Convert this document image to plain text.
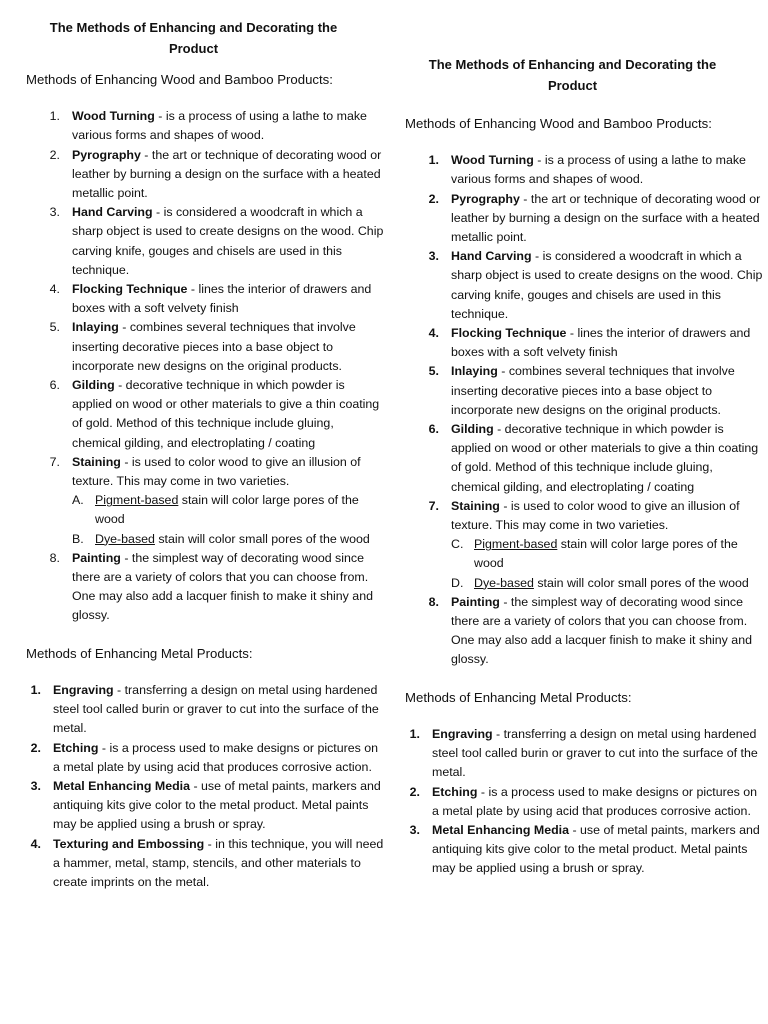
The Methods of Enhancing and Decorating the Product

Methods of Enhancing Wood and Bamboo Products:

1. Wood Turning - is a process of using a lathe to make various forms and shapes of wood.
2. Pyrography - the art or technique of decorating wood or leather by burning a design on the surface with a heated metallic point.
3. Hand Carving - is considered a woodcraft in which a sharp object is used to create designs on the wood. Chip carving knife, gouges and chisels are used in this technique.
4. Flocking Technique - lines the interior of drawers and boxes with a soft velvety finish
5. Inlaying - combines several techniques that involve inserting decorative pieces into a base object to incorporate new designs on the original products.
6. Gilding - decorative technique in which powder is applied on wood or other materials to give a thin coating of gold. Method of this technique include gluing, chemical gilding, and electroplating / coating
7. Staining - is used to color wood to give an illusion of texture. This may come in two varieties.
A. Pigment-based stain will color large pores of the wood
B. Dye-based stain will color small pores of the wood
8. Painting - the simplest way of decorating wood since there are a variety of colors that you can choose from. One may also add a lacquer finish to make it shiny and glossy.

Methods of Enhancing Metal Products:

1. Engraving - transferring a design on metal using hardened steel tool called burin or graver to cut into the surface of the metal.
2. Etching - is a process used to make designs or pictures on a metal plate by using acid that produces corrosive action.
3. Metal Enhancing Media - use of metal paints, markers and antiquing kits give color to the metal product. Metal paints may be applied using a brush or spray.
4. Texturing and Embossing - in this technique, you will need a hammer, metal, stamp, stencils, and other materials to create imprints on the metal.

The Methods of Enhancing and Decorating the Product

Methods of Enhancing Wood and Bamboo Products:

1. Wood Turning - is a process of using a lathe to make various forms and shapes of wood.
2. Pyrography - the art or technique of decorating wood or leather by burning a design on the surface with a heated metallic point.
3. Hand Carving - is considered a woodcraft in which a sharp object is used to create designs on the wood. Chip carving knife, gouges and chisels are used in this technique.
4. Flocking Technique - lines the interior of drawers and boxes with a soft velvety finish
5. Inlaying - combines several techniques that involve inserting decorative pieces into a base object to incorporate new designs on the original products.
6. Gilding - decorative technique in which powder is applied on wood or other materials to give a thin coating of gold. Method of this technique include gluing, chemical gilding, and electroplating / coating
7. Staining - is used to color wood to give an illusion of texture. This may come in two varieties.
C. Pigment-based stain will color large pores of the wood
D. Dye-based stain will color small pores of the wood
8. Painting - the simplest way of decorating wood since there are a variety of colors that you can choose from. One may also add a lacquer finish to make it shiny and glossy.

Methods of Enhancing Metal Products:

1. Engraving - transferring a design on metal using hardened steel tool called burin or graver to cut into the surface of the metal.
2. Etching - is a process used to make designs or pictures on a metal plate by using acid that produces corrosive action.
3. Metal Enhancing Media - use of metal paints, markers and antiquing kits give color to the metal product. Metal paints may be applied using a brush or spray.
